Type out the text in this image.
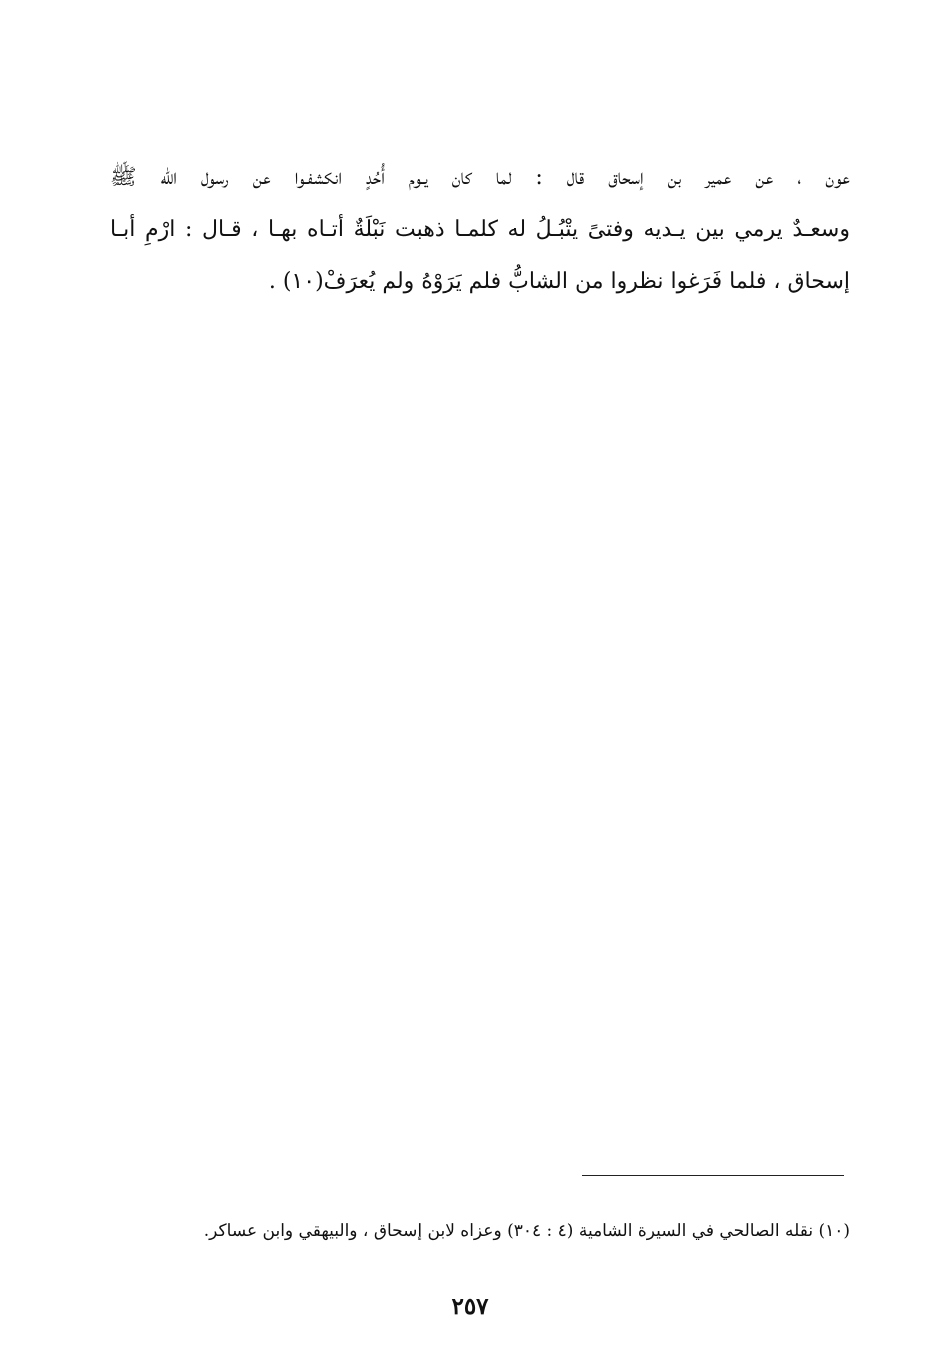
عون ، عن عمير بن إسحاق قال : لما كان يـوم أُحُدٍ انكشفـوا عن رسول الله ﷺ
وسعـدٌ يرمي بين يـديه وفتىً يتْبُـلُ له كلمـا ذهبت نَبْلَةٌ أتـاه بهـا ، قـال : ارْمِ أبـا
إسحاق ، فلما فَرَغوا نظروا من الشابُّ فلم يَرَوْهُ ولم يُعرَفْ(١٠) .
(١٠) نقله الصالحي في السيرة الشامية (٤ : ٣٠٤) وعزاه لابن إسحاق ، والبيهقي وابن عساكر.
٢٥٧
